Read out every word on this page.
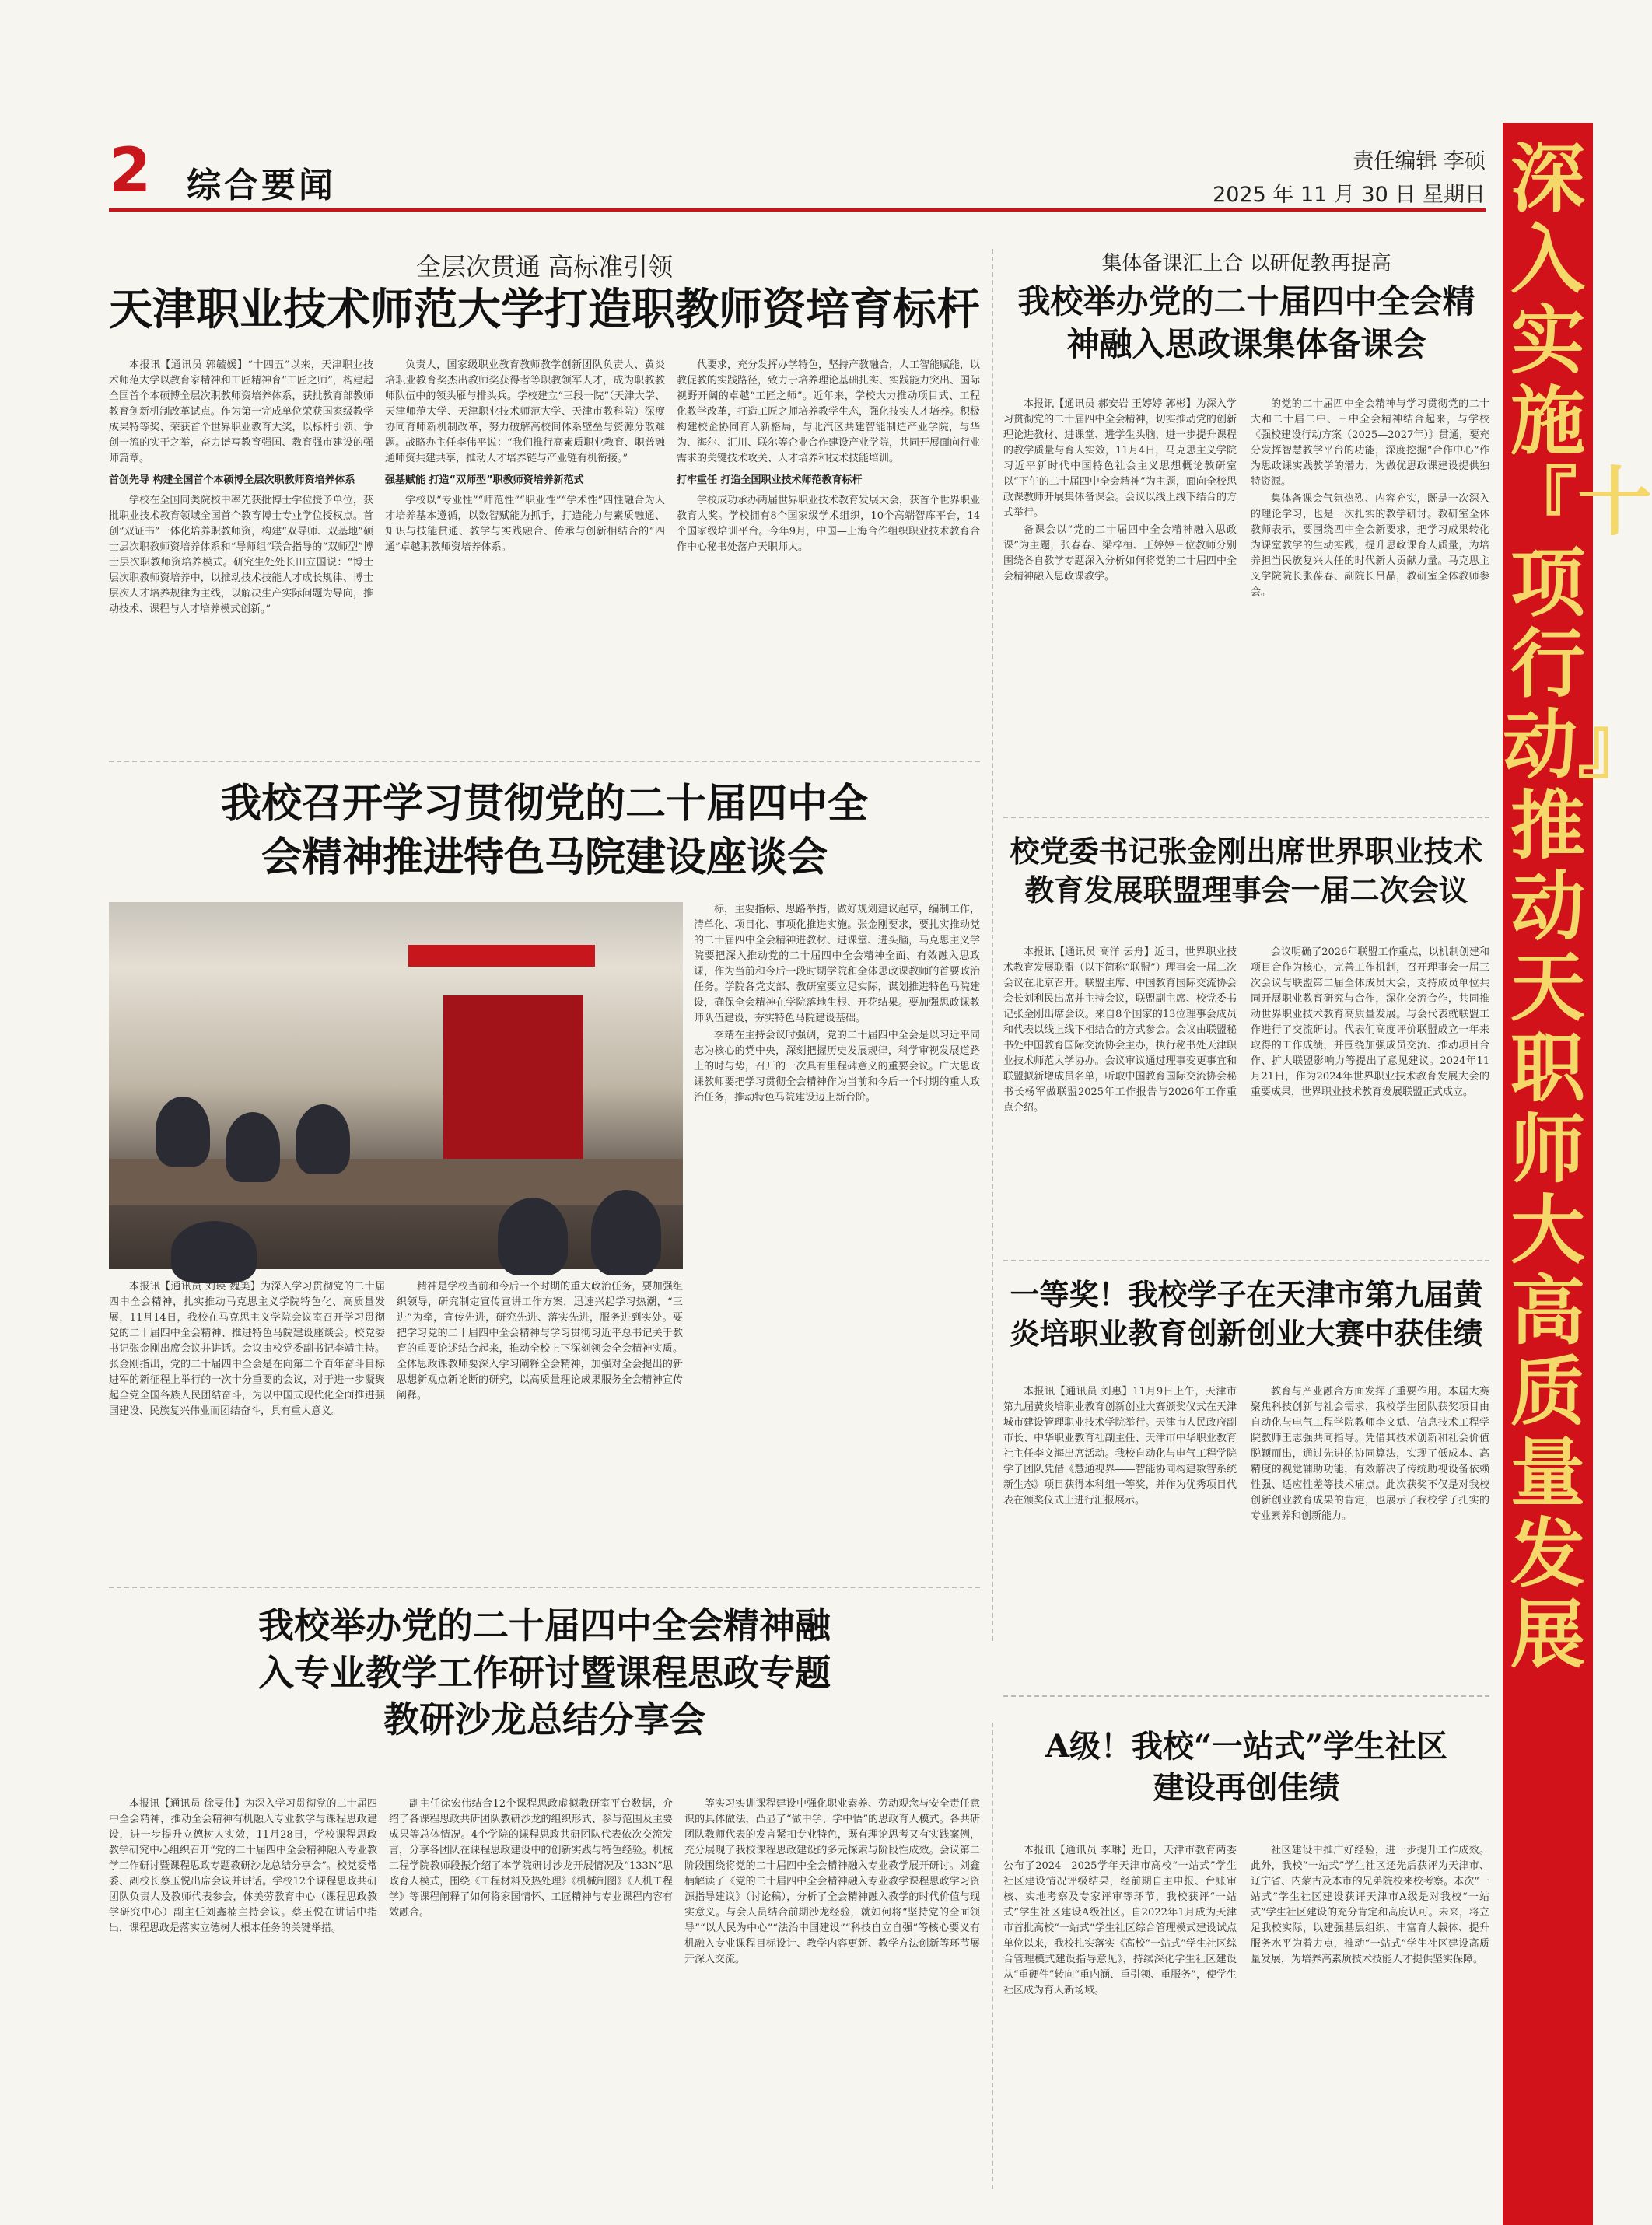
2	综合要闻
责任编辑 李硕
2025 年 11 月 30 日 星期日 深入实施『十项行动』 推动天职师大高质量发展
全层次贯通 高标准引领
天津职业技术师范大学打造职教师资培育标杆

本报讯【通讯员 郭毓媛】“十四五”以来，天津职业技术师范大学以教育家精神和工匠精神育“工匠之师”，构建起全国首个本硕博全层次职教师资培养体系，获批教育部教师教育创新机制改革试点。作为第一完成单位荣获国家级教学成果特等奖、荣获首个世界职业教育大奖，以标杆引领、争创一流的实干之举，奋力谱写教育强国、教育强市建设的强师篇章。

首创先导 构建全国首个本硕博全层次职教师资培养体系

学校在全国同类院校中率先获批博士学位授予单位，获批职业技术教育领域全国首个教育博士专业学位授权点。首创“双证书”一体化培养职教师资，构建“双导师、双基地”硕士层次职教师资培养体系和“导师组”联合指导的“双师型”博士层次职教师资培养模式。研究生处处长田立国说：“博士层次职教师资培养中，以推动技术技能人才成长规律、博士层次人才培养规律为主线，以解决生产实际问题为导向，推动技术、课程与人才培养模式创新。”

负责人，国家级职业教育教师教学创新团队负责人、黄炎培职业教育奖杰出教师奖获得者等职教领军人才，成为职教教师队伍中的领头雁与排头兵。学校建立“三段一院”（天津大学、天津师范大学、天津职业技术师范大学、天津市教科院）深度协同育师新机制改革，努力破解高校间体系壁垒与资源分散难题。战略办主任李伟平说：“我们推行高素质职业教育、职普融通师资共建共享，推动人才培养链与产业链有机衔接。”

强基赋能 打造“双师型”职教师资培养新范式

学校以“专业性”“师范性”“职业性”“学术性”四性融合为人才培养基本遵循，以数智赋能为抓手，打造能力与素质融通、知识与技能贯通、教学与实践融合、传承与创新相结合的“四通”卓越职教师资培养体系。

代要求，充分发挥办学特色，坚持产教融合，人工智能赋能，以教促教的实践路径，致力于培养理论基础扎实、实践能力突出、国际视野开阔的卓越“工匠之师”。近年来，学校大力推动项目式、工程化教学改革，打造工匠之师培养教学生态，强化技实人才培养。积极构建校企协同育人新格局，与北汽区共建智能制造产业学院，与华为、海尔、汇川、联尔等企业合作建设产业学院，共同开展面向行业需求的关键技术攻关、人才培养和技术技能培训。

打牢重任 打造全国职业技术师范教育标杆

学校成功承办两届世界职业技术教育发展大会，获首个世界职业教育大奖。学校拥有8个国家级学术组织，10个高端智库平台，14个国家级培训平台。今年9月，中国—上海合作组织职业技术教育合作中心秘书处落户天职师大。

集体备课汇上合 以研促教再提高
我校举办党的二十届四中全会精神融入思政课集体备课会

本报讯【通讯员 郝安岩 王婷婷 郭彬】为深入学习贯彻党的二十届四中全会精神，切实推动党的创新理论进教材、进课堂、进学生头脑，进一步提升课程的教学质量与育人实效，11月4日，马克思主义学院习近平新时代中国特色社会主义思想概论教研室以“下午的二十届四中全会精神”为主题，面向全校思政课教师开展集体备课会。会议以线上线下结合的方式举行。

备课会以“党的二十届四中全会精神融入思政课”为主题，张春春、梁梓桓、王婷婷三位教师分别围绕各自教学专题深入分析如何将党的二十届四中全会精神融入思政课教学。

的党的二十届四中全会精神与学习贯彻党的二十大和二十届二中、三中全会精神结合起来，与学校《强校建设行动方案（2025—2027年）》贯通，要充分发挥智慧教学平台的功能，深度挖掘“合作中心”作为思政课实践教学的潜力，为做优思政课建设提供独特资源。

集体备课会气氛热烈、内容充实，既是一次深入的理论学习，也是一次扎实的教学研讨。教研室全体教师表示，要围绕四中全会新要求，把学习成果转化为课堂教学的生动实践，提升思政课育人质量，为培养担当民族复兴大任的时代新人贡献力量。马克思主义学院院长张葆春、副院长吕晶，教研室全体教师参会。

我校召开学习贯彻党的二十届四中全会精神推进特色马院建设座谈会

标，主要指标、思路举措，做好规划建议起草，编制工作，清单化、项目化、事项化推进实施。张金刚要求，要扎实推动党的二十届四中全会精神进教材、进课堂、进头脑，马克思主义学院要把深入推动党的二十届四中全会精神全面、有效融入思政课，作为当前和今后一段时期学院和全体思政课教师的首要政治任务。学院各党支部、教研室要立足实际，谋划推进特色马院建设，确保全会精神在学院落地生根、开花结果。要加强思政课教师队伍建设，夯实特色马院建设基础。

李靖在主持会议时强调，党的二十届四中全会是以习近平同志为核心的党中央，深刻把握历史发展规律，科学审视发展道路上的时与势，召开的一次具有里程碑意义的重要会议。广大思政课教师要把学习贯彻全会精神作为当前和今后一个时期的重大政治任务，推动特色马院建设迈上新台阶。

本报讯【通讯员 刘瑛 魏美】为深入学习贯彻党的二十届四中全会精神，扎实推动马克思主义学院特色化、高质量发展，11月14日，我校在马克思主义学院会议室召开学习贯彻党的二十届四中全会精神、推进特色马院建设座谈会。校党委书记张金刚出席会议并讲话。会议由校党委副书记李靖主持。张金刚指出，党的二十届四中全会是在向第二个百年奋斗目标进军的新征程上举行的一次十分重要的会议，对于进一步凝聚起全党全国各族人民团结奋斗，为以中国式现代化全面推进强国建设、民族复兴伟业而团结奋斗，具有重大意义。

精神是学校当前和今后一个时期的重大政治任务，要加强组织领导，研究制定宣传宣讲工作方案，迅速兴起学习热潮，“三进”为牵，宣传先进，研究先进、落实先进，服务进到实处。要把学习党的二十届四中全会精神与学习贯彻习近平总书记关于教育的重要论述结合起来，推动全校上下深刻领会全会精神实质。全体思政课教师要深入学习阐释全会精神，加强对全会提出的新思想新观点新论断的研究，以高质量理论成果服务全会精神宣传阐释。

校党委书记张金刚出席世界职业技术教育发展联盟理事会一届二次会议

本报讯【通讯员 高洋 云舟】近日，世界职业技术教育发展联盟（以下简称“联盟”）理事会一届二次会议在北京召开。联盟主席、中国教育国际交流协会会长刘利民出席并主持会议，联盟副主席、校党委书记张金刚出席会议。来自8个国家的13位理事会成员和代表以线上线下相结合的方式参会。会议由联盟秘书处中国教育国际交流协会主办，执行秘书处天津职业技术师范大学协办。会议审议通过理事变更事宜和联盟拟新增成员名单，听取中国教育国际交流协会秘书长杨军做联盟2025年工作报告与2026年工作重点介绍。

会议明确了2026年联盟工作重点，以机制创建和项目合作为核心，完善工作机制，召开理事会一届三次会议与联盟第二届全体成员大会，支持成员单位共同开展职业教育研究与合作，深化交流合作，共同推动世界职业技术教育高质量发展。与会代表就联盟工作进行了交流研讨。代表们高度评价联盟成立一年来取得的工作成绩，并围绕加强成员交流、推动项目合作、扩大联盟影响力等提出了意见建议。2024年11月21日，作为2024年世界职业技术教育发展大会的重要成果，世界职业技术教育发展联盟正式成立。

一等奖！我校学子在天津市第九届黄炎培职业教育创新创业大赛中获佳绩

本报讯【通讯员 刘惠】11月9日上午，天津市第九届黄炎培职业教育创新创业大赛颁奖仪式在天津城市建设管理职业技术学院举行。天津市人民政府副市长、中华职业教育社副主任、天津市中华职业教育社主任李文海出席活动。我校自动化与电气工程学院学子团队凭借《慧通视界——智能协同构建数智系统新生态》项目获得本科组一等奖，并作为优秀项目代表在颁奖仪式上进行汇报展示。

教育与产业融合方面发挥了重要作用。本届大赛聚焦科技创新与社会需求，我校学生团队获奖项目由自动化与电气工程学院教师李文斌、信息技术工程学院教师王志强共同指导。凭借其技术创新和社会价值脱颖而出，通过先进的协同算法，实现了低成本、高精度的视觉辅助功能，有效解决了传统助视设备依赖性强、适应性差等技术痛点。此次获奖不仅是对我校创新创业教育成果的肯定，也展示了我校学子扎实的专业素养和创新能力。

我校举办党的二十届四中全会精神融入专业教学工作研讨暨课程思政专题教研沙龙总结分享会

本报讯【通讯员 徐雯伟】为深入学习贯彻党的二十届四中全会精神，推动全会精神有机融入专业教学与课程思政建设，进一步提升立德树人实效，11月28日，学校课程思政教学研究中心组织召开“党的二十届四中全会精神融入专业教学工作研讨暨课程思政专题教研沙龙总结分享会”。校党委常委、副校长蔡玉悦出席会议并讲话。学校12个课程思政共研团队负责人及教师代表参会，体美劳教育中心（课程思政教学研究中心）副主任刘鑫楠主持会议。蔡玉悦在讲话中指出，课程思政是落实立德树人根本任务的关键举措。

副主任徐宏伟结合12个课程思政虚拟教研室平台数据，介绍了各课程思政共研团队教研沙龙的组织形式、参与范围及主要成果等总体情况。4个学院的课程思政共研团队代表依次交流发言，分享各团队在课程思政建设中的创新实践与特色经验。机械工程学院教师段振介绍了本学院研讨沙龙开展情况及“133N”思政育人模式，围绕《工程材料及热处理》《机械制图》《人机工程学》等课程阐释了如何将家国情怀、工匠精神与专业课程内容有效融合。

等实习实训课程建设中强化职业素养、劳动观念与安全责任意识的具体做法，凸显了“做中学、学中悟”的思政育人模式。各共研团队教师代表的发言紧扣专业特色，既有理论思考又有实践案例，充分展现了我校课程思政建设的多元探索与阶段性成效。会议第二阶段围绕将党的二十届四中全会精神融入专业教学展开研讨。刘鑫楠解读了《党的二十届四中全会精神融入专业教学课程思政学习资源指导建议》（讨论稿），分析了全会精神融入教学的时代价值与现实意义。与会人员结合前期沙龙经验，就如何将“坚持党的全面领导”“以人民为中心”“法治中国建设”“科技自立自强”等核心要义有机融入专业课程目标设计、教学内容更新、教学方法创新等环节展开深入交流。

A级！我校“一站式”学生社区建设再创佳绩

本报讯【通讯员 李琳】近日，天津市教育两委公布了2024—2025学年天津市高校“一站式”学生社区建设情况评级结果，经前期自主申报、台账审核、实地考察及专家评审等环节，我校获评“一站式”学生社区建设A级社区。自2022年1月成为天津市首批高校“一站式”学生社区综合管理模式建设试点单位以来，我校扎实落实《高校“一站式”学生社区综合管理模式建设指导意见》，持续深化学生社区建设从“重硬件”转向“重内涵、重引领、重服务”，使学生社区成为育人新场域。

社区建设中推广好经验，进一步提升工作成效。此外，我校“一站式”学生社区还先后获评为天津市、辽宁省、内蒙古及本市的兄弟院校来校考察。本次“一站式”学生社区建设获评天津市A级是对我校“一站式”学生社区建设的充分肯定和高度认可。未来，将立足我校实际，以建强基层组织、丰富育人载体、提升服务水平为着力点，推动“一站式”学生社区建设高质量发展，为培养高素质技术技能人才提供坚实保障。
